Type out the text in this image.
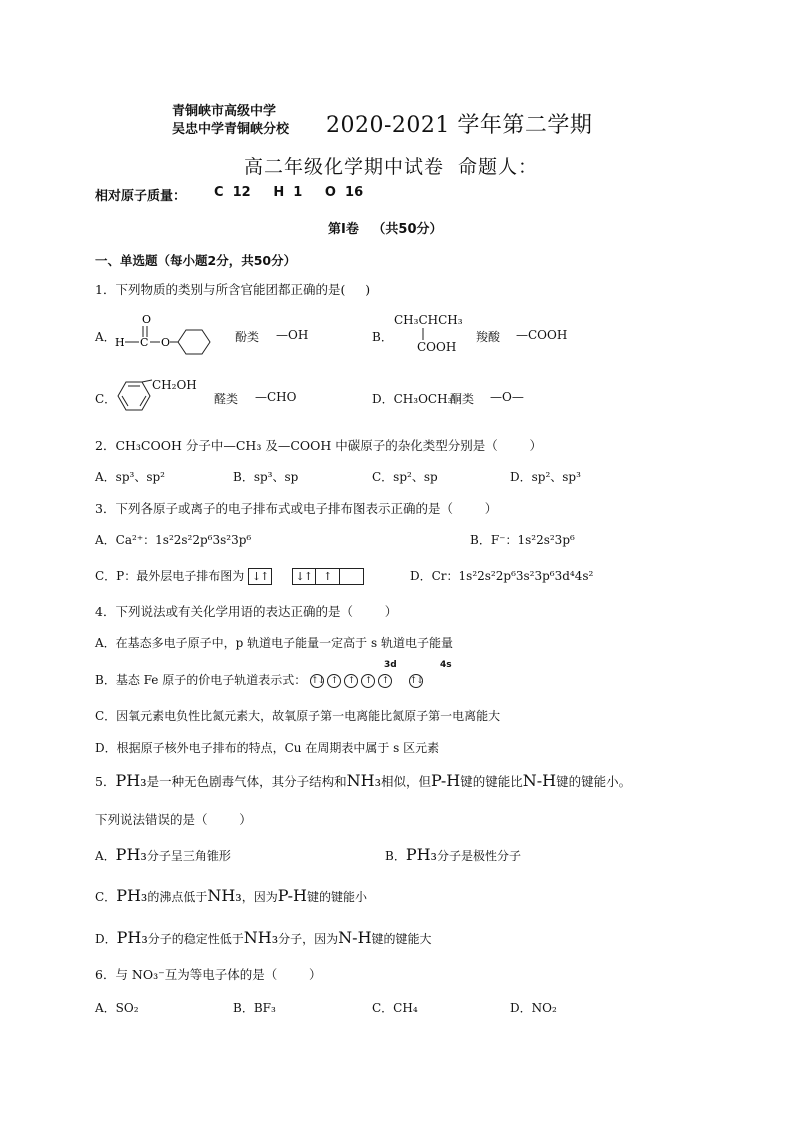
青铜峡市高级中学
吴忠中学青铜峡分校 2020-2021 学年第二学期
高二年级化学期中试卷 命题人：
相对原子质量： C  12     H  1     O  16
第Ⅰ卷   （共50分）
一、单选题（每小题2分，共50分）
1．下列物质的类别与所含官能团都正确的是(     )
A．
O
H C O	酚类 —OH	B．
CH₃CHCH₃
COOH
羧酸 —COOH
C．
CH₂OH
醛类 —CHO	D．CH₃OCH₃
酮类 —O—
2．CH₃COOH 分子中—CH₃ 及—COOH 中碳原子的杂化类型分别是（        ）
A．sp³、sp²	B．sp³、sp	C．sp²、sp	D．sp²、sp³
3．下列各原子或离子的电子排布式或电子排布图表示正确的是（        ）
A．Ca²⁺：1s²2s²2p⁶3s²3p⁶	B．F⁻：1s²2s²3p⁶
C．P：最外层电子排布图为 ↓↑ ↓↑ ↑	D．Cr：1s²2s²2p⁶3s²3p⁶3d⁴4s²
4．下列说法或有关化学用语的表达正确的是（        ）
A．在基态多电子原子中，p 轨道电子能量一定高于 s 轨道电子能量
3d	4s
B．基态 Fe 原子的价电子轨道表示式： ↑↓ ↑ ↑ ↑ ↑ ↑↓
C．因氧元素电负性比氮元素大，故氧原子第一电离能比氮原子第一电离能大
D．根据原子核外电子排布的特点，Cu 在周期表中属于 s 区元素
5．PH₃是一种无色剧毒气体，其分子结构和NH₃相似，但P-H键的键能比N-H键的键能小。
下列说法错误的是（        ）
A．PH₃分子呈三角锥形	B．PH₃分子是极性分子
C．PH₃的沸点低于NH₃，因为P-H键的键能小
D．PH₃分子的稳定性低于NH₃分子，因为N-H键的键能大
6．与 NO₃⁻互为等电子体的是（        ）
A．SO₂	B．BF₃	C．CH₄	D．NO₂
